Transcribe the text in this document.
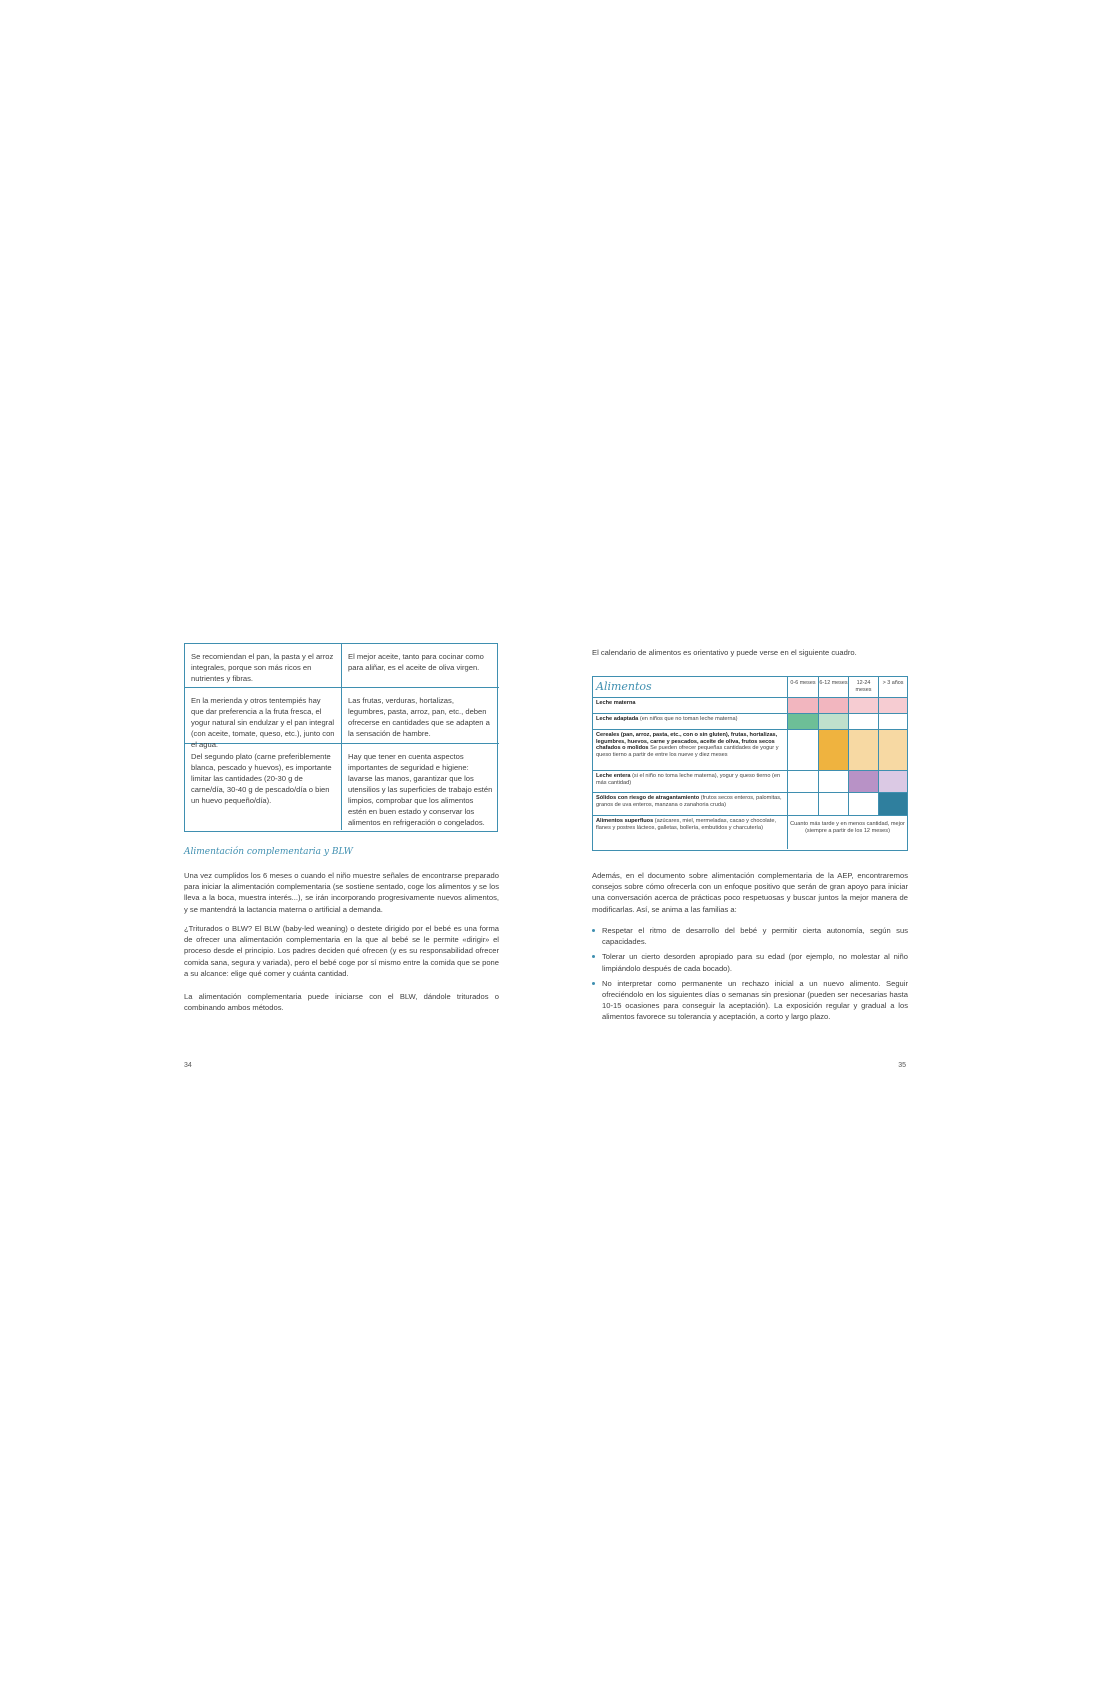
Se recomiendan el pan, la pasta y el arroz integrales, porque son más ricos en nutrientes y fibras.
El mejor aceite, tanto para cocinar como para aliñar, es el aceite de oliva virgen.
En la merienda y otros tentempiés hay que dar preferencia a la fruta fresca, el yogur natural sin endulzar y el pan integral (con aceite, tomate, queso, etc.), junto con el agua.
Las frutas, verduras, hortalizas, legumbres, pasta, arroz, pan, etc., deben ofrecerse en cantidades que se adapten a la sensación de hambre.
Del segundo plato (carne preferiblemente blanca, pescado y huevos), es importante limitar las cantidades (20-30 g de carne/día, 30-40 g de pescado/día o bien un huevo pequeño/día).
Hay que tener en cuenta aspectos importantes de seguridad e higiene: lavarse las manos, garantizar que los utensilios y las superficies de trabajo estén limpios, comprobar que los alimentos estén en buen estado y conservar los alimentos en refrigeración o congelados.
Alimentación complementaria y BLW
Una vez cumplidos los 6 meses o cuando el niño muestre señales de encontrarse preparado para iniciar la alimentación complementaria (se sostiene sentado, coge los alimentos y se los lleva a la boca, muestra interés...), se irán incorporando progresivamente nuevos alimentos, y se mantendrá la lactancia materna o artificial a demanda.
¿Triturados o BLW? El BLW (baby-led weaning) o destete dirigido por el bebé es una forma de ofrecer una alimentación complementaria en la que al bebé se le permite «dirigir» el proceso desde el principio. Los padres deciden qué ofrecen (y es su responsabilidad ofrecer comida sana, segura y variada), pero el bebé coge por sí mismo entre la comida que se pone a su alcance: elige qué comer y cuánta cantidad.
La alimentación complementaria puede iniciarse con el BLW, dándole triturados o combinando ambos métodos.
34
El calendario de alimentos es orientativo y puede verse en el siguiente cuadro.
Alimentos	0-6 meses 6-12 meses	12-24 meses
> 3 años
Leche materna
Leche adaptada (en niños que no toman leche materna)
Cereales (pan, arroz, pasta, etc., con o sin gluten), frutas, hortalizas, legumbres, huevos, carne y pescados, aceite de oliva, frutos secos chafados o molidos Se pueden ofrecer pequeñas cantidades de yogur y queso tierno a partir de entre los nueve y diez meses
Leche entera (si el niño no toma leche materna), yogur y queso tierno (en más cantidad)
Sólidos con riesgo de atragantamiento (frutos secos enteros, palomitas, granos de uva enteros, manzana o zanahoria cruda)
Alimentos superfluos (azúcares, miel, mermeladas, cacao y chocolate, flanes y postres lácteos, galletas, bollería, embutidos y charcutería)
Cuanto más tarde y en menos cantidad, mejor (siempre a partir de los 12 meses)
Además, en el documento sobre alimentación complementaria de la AEP, encontraremos consejos sobre cómo ofrecerla con un enfoque positivo que serán de gran apoyo para iniciar una conversación acerca de prácticas poco respetuosas y buscar juntos la mejor manera de modificarlas. Así, se anima a las familias a:
Respetar el ritmo de desarrollo del bebé y permitir cierta autonomía, según sus capacidades.
Tolerar un cierto desorden apropiado para su edad (por ejemplo, no molestar al niño limpiándolo después de cada bocado).
No interpretar como permanente un rechazo inicial a un nuevo alimento. Seguir ofreciéndolo en los siguientes días o semanas sin presionar (pueden ser necesarias hasta 10-15 ocasiones para conseguir la aceptación). La exposición regular y gradual a los alimentos favorece su tolerancia y aceptación, a corto y largo plazo.
35
